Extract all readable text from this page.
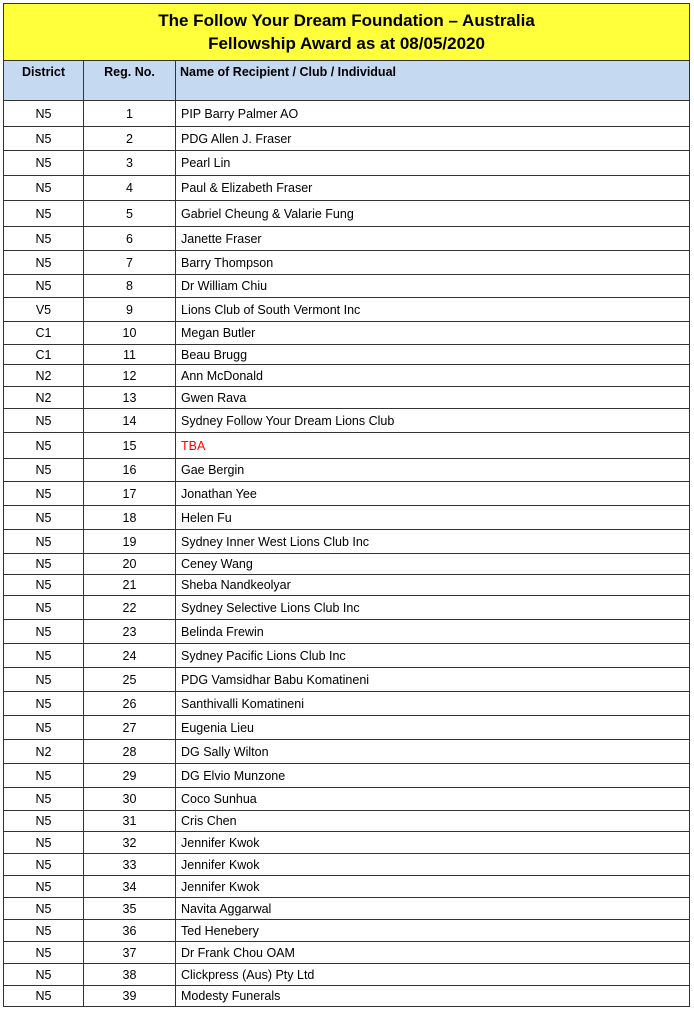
The Follow Your Dream Foundation – Australia
Fellowship Award as at 08/05/2020		

District	Reg. No.	Name of Recipient / Club / Individual
N5	1	PIP Barry Palmer AO
N5	2	PDG Allen J. Fraser
N5	3	Pearl Lin
N5	4	Paul & Elizabeth Fraser
N5	5	Gabriel Cheung & Valarie Fung
N5	6	Janette Fraser
N5	7	Barry Thompson
N5	8	Dr William Chiu
V5	9	Lions Club of South Vermont Inc
C1	10	Megan Butler
C1	11	Beau Brugg
N2	12	Ann McDonald
N2	13	Gwen Rava
N5	14	Sydney Follow Your Dream Lions Club
N5	15	TBA
N5	16	Gae Bergin
N5	17	Jonathan Yee
N5	18	Helen Fu
N5	19	Sydney Inner West Lions Club Inc
N5	20	Ceney Wang
N5	21	Sheba Nandkeolyar
N5	22	Sydney Selective Lions Club Inc
N5	23	Belinda Frewin
N5	24	Sydney Pacific Lions Club Inc
N5	25	PDG Vamsidhar Babu Komatineni
N5	26	Santhivalli Komatineni
N5	27	Eugenia Lieu
N2	28	DG Sally Wilton
N5	29	DG Elvio Munzone
N5	30	Coco Sunhua
N5	31	Cris Chen
N5	32	Jennifer Kwok
N5	33	Jennifer Kwok
N5	34	Jennifer Kwok
N5	35	Navita Aggarwal
N5	36	Ted Henebery
N5	37	Dr Frank Chou OAM
N5	38	Clickpress (Aus) Pty Ltd
N5	39	Modesty Funerals
